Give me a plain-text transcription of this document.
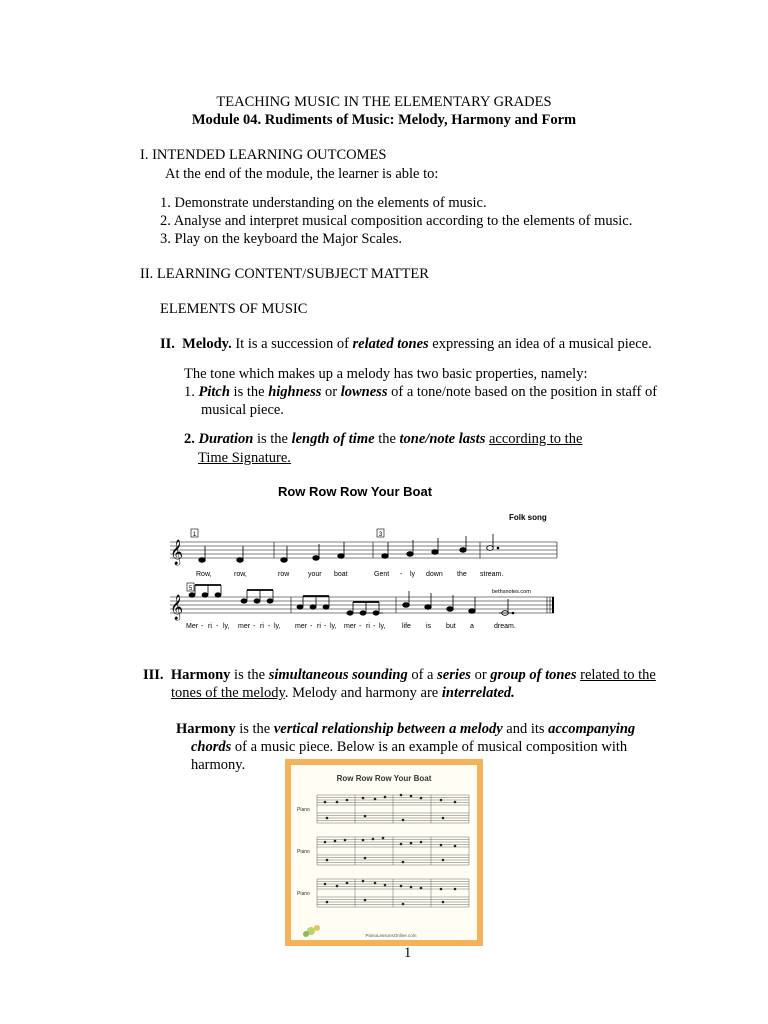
TEACHING MUSIC IN THE ELEMENTARY GRADES
Module 04. Rudiments of Music: Melody, Harmony and Form
I. INTENDED LEARNING OUTCOMES
At the end of the module, the learner is able to:
1. Demonstrate understanding on the elements of music.
2. Analyse and interpret musical composition according to the elements of music.
3. Play on the keyboard the Major Scales.
II. LEARNING CONTENT/SUBJECT MATTER
ELEMENTS OF MUSIC
II. Melody. It is a succession of related tones expressing an idea of a musical piece.
The tone which makes up a melody has two basic properties, namely:
1. Pitch is the highness or lowness of a tone/note based on the position in staff of
musical piece.
2. Duration is the length of time the tone/note lasts according to the
Time Signature.
Row Row Row Your Boat
Folk song
𝄞
1	3
Row,	row,	row	your boat	Gent - ly down the stream.
5	bethsnotes.com
𝄞
Mer - ri - ly, mer - ri - ly, mer - ri - ly, mer - ri - ly, life is but a	dream.
III. Harmony is the simultaneous sounding of a series or group of tones related to the
tones of the melody. Melody and harmony are interrelated.
Harmony is the vertical relationship between a melody and its accompanying
chords of a music piece. Below is an example of musical composition with
harmony.
Row Row Row Your Boat
Piano
Piano
Piano
PianoLessonsOnline.com
1
